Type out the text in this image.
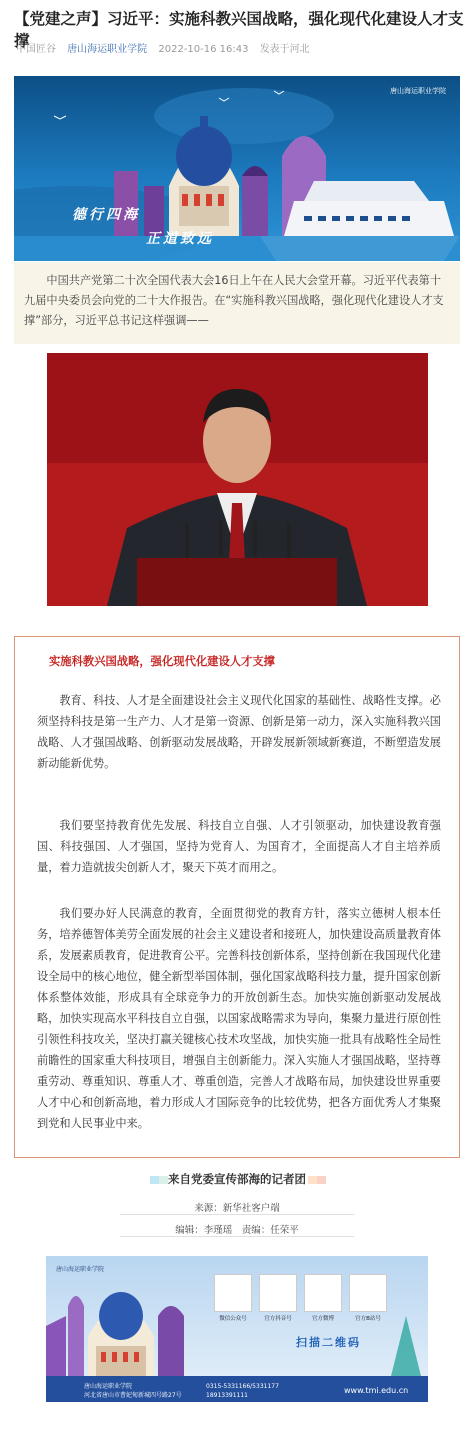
【党建之声】习近平：实施科教兴国战略，强化现代化建设人才支撑
中国匠谷 唐山海运职业学院 2022-10-16 16:43 发表于河北
唐山海运职业学院
德行四海
正道致远
中国共产党第二十次全国代表大会16日上午在人民大会堂开幕。习近平代表第十九届中央委员会向党的二十大作报告。在“实施科教兴国战略，强化现代化建设人才支撑”部分，习近平总书记这样强调——
实施科教兴国战略，强化现代化建设人才支撑

教育、科技、人才是全面建设社会主义现代化国家的基础性、战略性支撑。必须坚持科技是第一生产力、人才是第一资源、创新是第一动力，深入实施科教兴国战略、人才强国战略、创新驱动发展战略，开辟发展新领域新赛道，不断塑造发展新动能新优势。

我们要坚持教育优先发展、科技自立自强、人才引领驱动，加快建设教育强国、科技强国、人才强国，坚持为党育人、为国育才，全面提高人才自主培养质量，着力造就拔尖创新人才，聚天下英才而用之。

我们要办好人民满意的教育，全面贯彻党的教育方针，落实立德树人根本任务，培养德智体美劳全面发展的社会主义建设者和接班人，加快建设高质量教育体系，发展素质教育，促进教育公平。完善科技创新体系，坚持创新在我国现代化建设全局中的核心地位，健全新型举国体制，强化国家战略科技力量，提升国家创新体系整体效能，形成具有全球竞争力的开放创新生态。加快实施创新驱动发展战略，加快实现高水平科技自立自强，以国家战略需求为导向，集聚力量进行原创性引领性科技攻关，坚决打赢关键核心技术攻坚战，加快实施一批具有战略性全局性前瞻性的国家重大科技项目，增强自主创新能力。深入实施人才强国战略，坚持尊重劳动、尊重知识、尊重人才、尊重创造，完善人才战略布局，加快建设世界重要人才中心和创新高地，着力形成人才国际竞争的比较优势，把各方面优秀人才集聚到党和人民事业中来。

来自党委宣传部海的记者团
来源：新华社客户端
编辑：李瑾瑶　责编：任荣平
唐山海运职业学院
微信公众号	官方抖音号	官方微博	官方B站号
扫描二维码
唐山海运职业学院
河北省唐山市曹妃甸新城四号路27号
0315-5331166/5331177
18913391111
www.tmi.edu.cn
